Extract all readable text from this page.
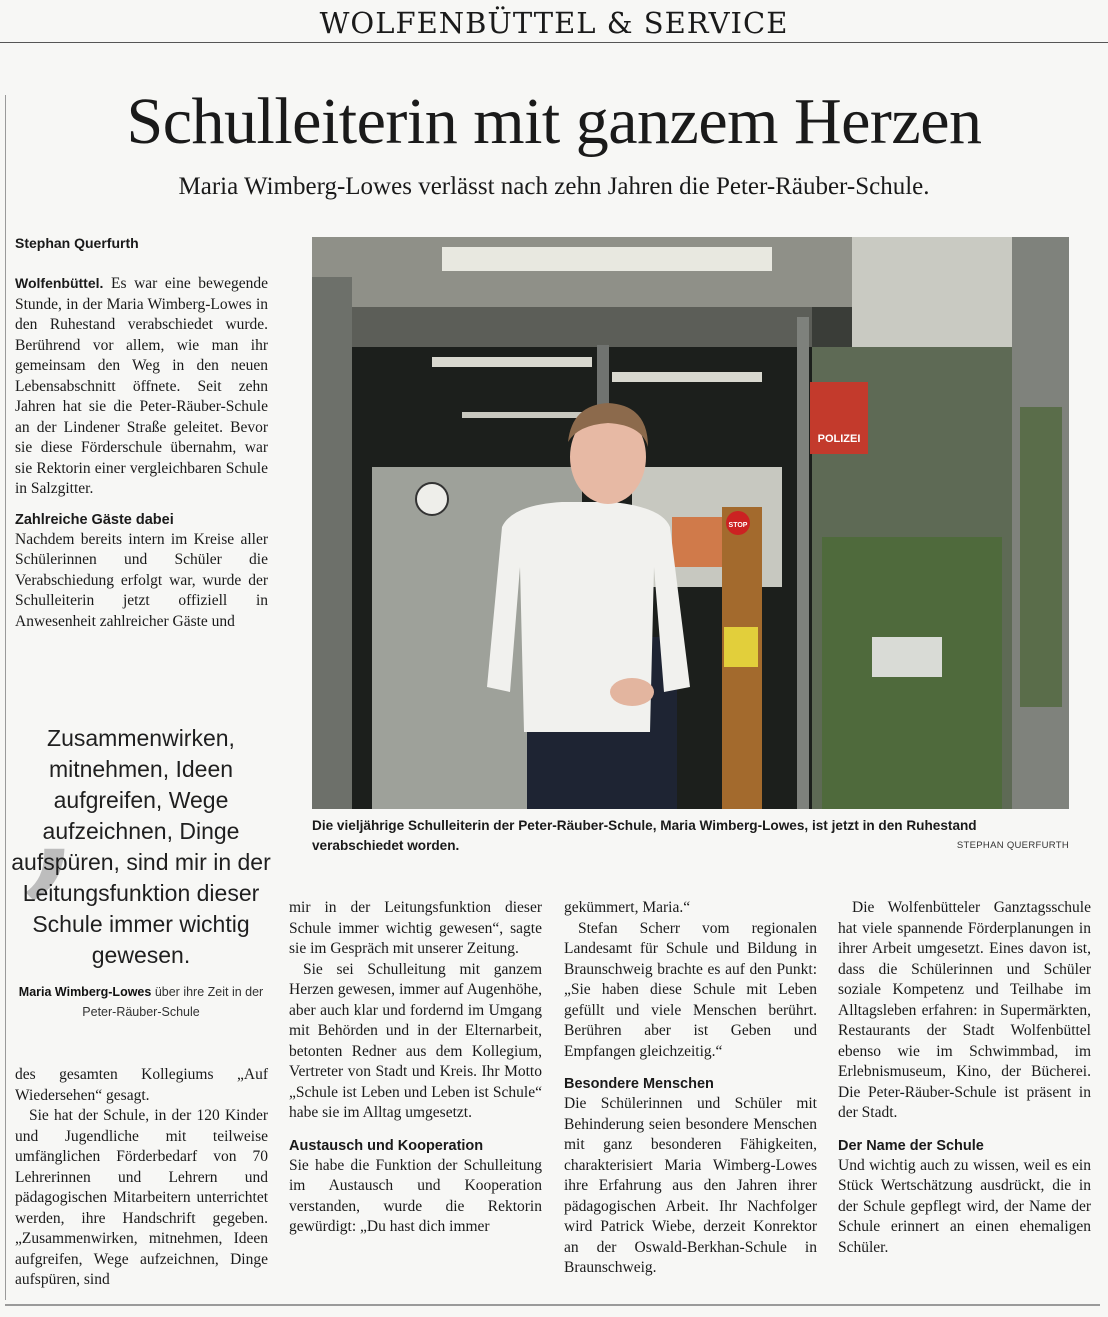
WOLFENBÜTTEL & SERVICE
Schulleiterin mit ganzem Herzen
Maria Wimberg-Lowes verlässt nach zehn Jahren die Peter-Räuber-Schule.
Stephan Querfurth

Wolfenbüttel. Es war eine bewegende Stunde, in der Maria Wimberg-Lowes in den Ruhestand verabschiedet wurde. Berührend vor allem, wie man ihr gemeinsam den Weg in den neuen Lebensabschnitt öffnete. Seit zehn Jahren hat sie die Peter-Räuber-Schule an der Lindener Straße geleitet. Bevor sie diese Förderschule übernahm, war sie Rektorin einer vergleichbaren Schule in Salzgitter.

Zahlreiche Gäste dabei

Nachdem bereits intern im Kreise aller Schülerinnen und Schüler die Verabschiedung erfolgt war, wurde der Schulleiterin jetzt offiziell in Anwesenheit zahlreicher Gäste und

,
Zusammenwirken, mitnehmen, Ideen aufgreifen, Wege aufzeichnen, Dinge aufspüren, sind mir in der Leitungsfunktion dieser Schule immer wichtig gewesen.
Maria Wimberg-Lowes über ihre Zeit in der Peter-Räuber-Schule

des gesamten Kollegiums „Auf Wiedersehen“ gesagt.

Sie hat der Schule, in der 120 Kinder und Jugendliche mit teilweise umfänglichen Förderbedarf von 70 Lehrerinnen und Lehrern und pädagogischen Mitarbeitern unterrichtet werden, ihre Handschrift gegeben. „Zusammenwirken, mitnehmen, Ideen aufgreifen, Wege aufzeichnen, Dinge aufspüren, sind

POLIZEI
STOP
Die vieljährige Schulleiterin der Peter-Räuber-Schule, Maria Wimberg-Lowes, ist jetzt in den Ruhestand verabschiedet worden.	STEPHAN QUERFURTH

mir in der Leitungsfunktion dieser Schule immer wichtig gewesen“, sagte sie im Gespräch mit unserer Zeitung.

Sie sei Schulleitung mit ganzem Herzen gewesen, immer auf Augenhöhe, aber auch klar und fordernd im Umgang mit Behörden und in der Elternarbeit, betonten Redner aus dem Kollegium, Vertreter von Stadt und Kreis. Ihr Motto „Schule ist Leben und Leben ist Schule“ habe sie im Alltag umgesetzt.

Austausch und Kooperation

Sie habe die Funktion der Schulleitung im Austausch und Kooperation verstanden, wurde die Rektorin gewürdigt: „Du hast dich immer

gekümmert, Maria.“

Stefan Scherr vom regionalen Landesamt für Schule und Bildung in Braunschweig brachte es auf den Punkt: „Sie haben diese Schule mit Leben gefüllt und viele Menschen berührt. Berühren aber ist Geben und Empfangen gleichzeitig.“

Besondere Menschen

Die Schülerinnen und Schüler mit Behinderung seien besondere Menschen mit ganz besonderen Fähigkeiten, charakterisiert Maria Wimberg-Lowes ihre Erfahrung aus den Jahren ihrer pädagogischen Arbeit. Ihr Nachfolger wird Patrick Wiebe, derzeit Konrektor an der Oswald-Berkhan-Schule in Braunschweig.

Die Wolfenbütteler Ganztagsschule hat viele spannende Förderplanungen in ihrer Arbeit umgesetzt. Eines davon ist, dass die Schülerinnen und Schüler soziale Kompetenz und Teilhabe im Alltagsleben erfahren: in Supermärkten, Restaurants der Stadt Wolfenbüttel ebenso wie im Schwimmbad, im Erlebnismuseum, Kino, der Bücherei. Die Peter-Räuber-Schule ist präsent in der Stadt.

Der Name der Schule

Und wichtig auch zu wissen, weil es ein Stück Wertschätzung ausdrückt, die in der Schule gepflegt wird, der Name der Schule erinnert an einen ehemaligen Schüler.
